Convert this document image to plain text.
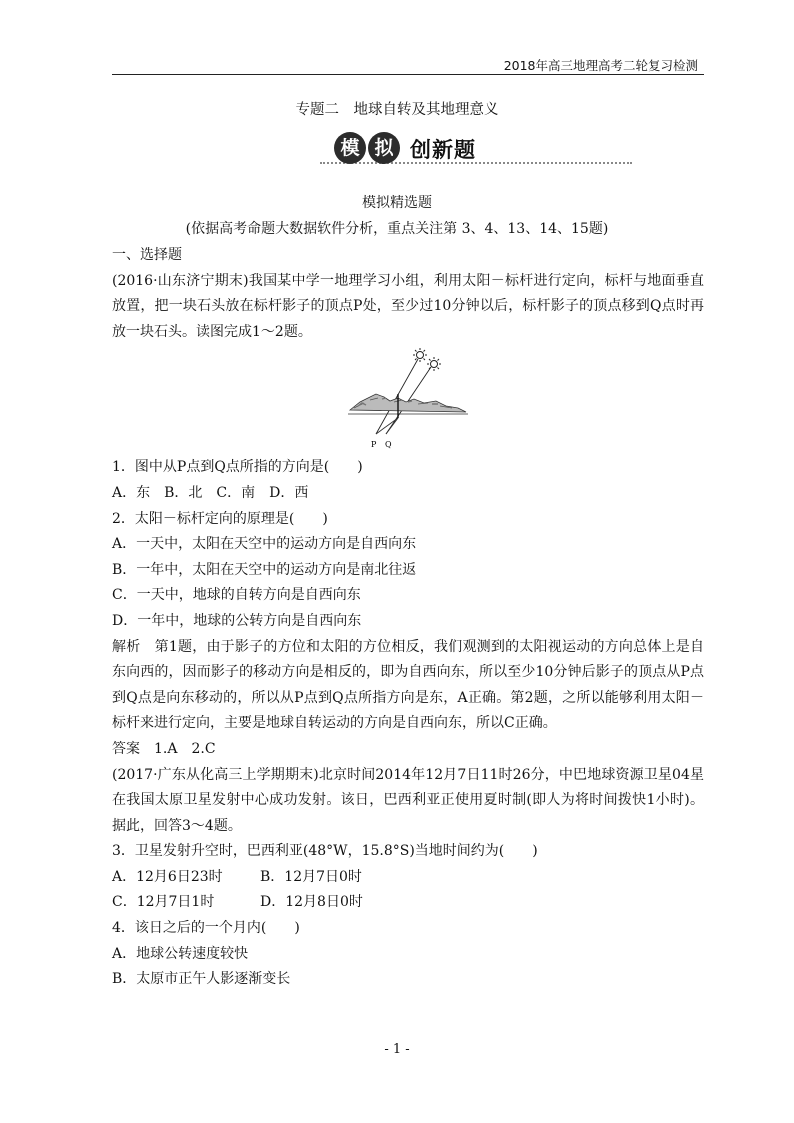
2018年高三地理高考二轮复习检测
专题二　地球自转及其地理意义
模 拟 创新题
模拟精选题
(依据高考命题大数据软件分析，重点关注第 3、4、13、14、15题)

一、选择题

(2016·山东济宁期末)我国某中学一地理学习小组，利用太阳－标杆进行定向，标杆与地面垂直放置，把一块石头放在标杆影子的顶点P处，至少过10分钟以后，标杆影子的顶点移到Q点时再放一块石头。读图完成1～2题。

P Q

1．图中从P点到Q点所指的方向是(　　)

A．东　B．北　C．南　D．西

2．太阳－标杆定向的原理是(　　)

A．一天中，太阳在天空中的运动方向是自西向东

B．一年中，太阳在天空中的运动方向是南北往返

C．一天中，地球的自转方向是自西向东

D．一年中，地球的公转方向是自西向东

解析　第1题，由于影子的方位和太阳的方位相反，我们观测到的太阳视运动的方向总体上是自东向西的，因而影子的移动方向是相反的，即为自西向东，所以至少10分钟后影子的顶点从P点到Q点是向东移动的，所以从P点到Q点所指方向是东，A正确。第2题，之所以能够利用太阳－标杆来进行定向，主要是地球自转运动的方向是自西向东，所以C正确。

答案　1.A　2.C

(2017·广东从化高三上学期期末)北京时间2014年12月7日11时26分，中巴地球资源卫星04星在我国太原卫星发射中心成功发射。该日，巴西利亚正使用夏时制(即人为将时间拨快1小时)。据此，回答3～4题。

3．卫星发射升空时，巴西利亚(48°W，15.8°S)当地时间约为(　　)

A．12月6日23时	B．12月7日0时
C．12月7日1时	D．12月8日0时

4．该日之后的一个月内(　　)

A．地球公转速度较快

B．太原市正午人影逐渐变长

- 1 -
